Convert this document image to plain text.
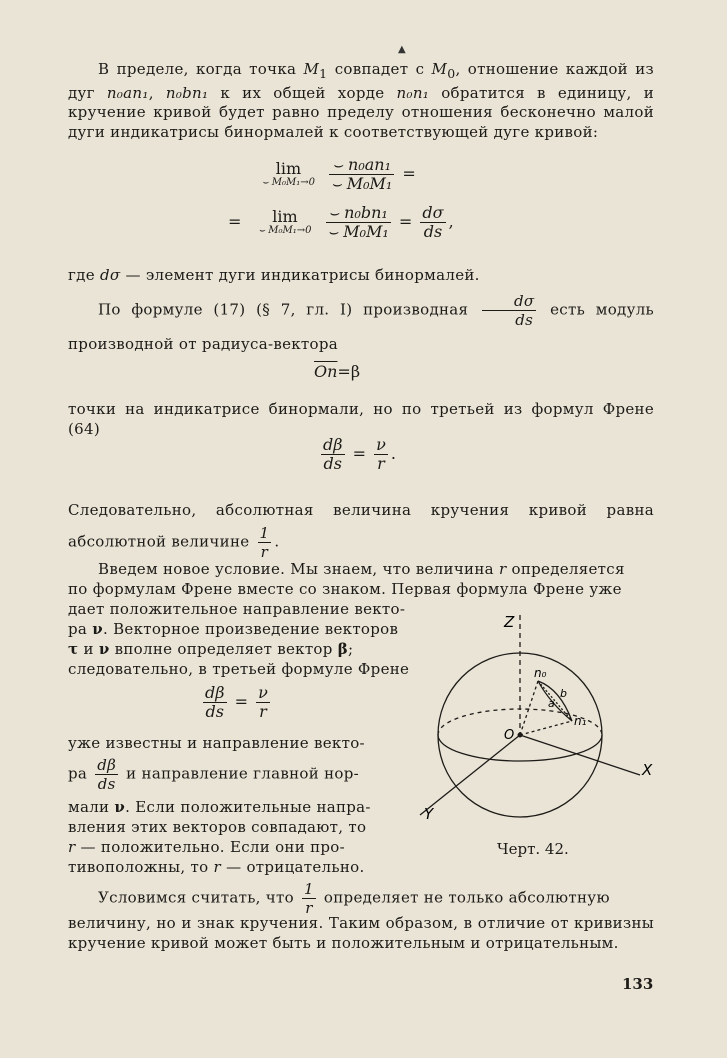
▲

В пределе, когда точка $M_1$ совпадет с $M_0$, отношение каждой из дуг n₀an₁, n₀bn₁ к их общей хорде n₀n₁ обратится в единицу, и кручение кривой будет равно пределу отношения бесконечно малой дуги индикатрисы бинормалей к соответствующей дуге кривой:

lim
⌣ M₀M₁→0
$\frac{\text{⌣ n₀an₁}}{\text{⌣ M₀M₁}}$ =
=	lim
⌣ M₀M₁→0
$\frac{\text{⌣ n₀bn₁}}{\text{⌣ M₀M₁}} = \frac{d\sigma}{ds}$ ,

где dσ — элемент дуги индикатрисы бинормалей.

По формуле (17) (§ 7, гл. I) производная $\frac{d\sigma}{ds}$ есть модуль производной от радиуса-вектора

$\overline{On}=\beta$

точки на индикатрисе бинормали, но по третьей из формул Френе (64)

$\frac{d\beta}{ds} = \frac{\nu}{r}$ .

Следовательно, абсолютная величина кручения кривой равна абсолютной величине $\frac{1}{r}$ .

Введем новое условие. Мы знаем, что величина r определяется
по формулам Френе вместе со знаком. Первая формула Френе уже
дает положительное направление векто-
ра ν. Векторное произведение векторов
τ и ν вполне определяет вектор β;
следовательно, в третьей формуле Френе
$\frac{d\beta}{ds} = \frac{\nu}{r}$
уже известны и направление векто-
ра $\frac{d\beta}{ds}$ и направление главной нор-
мали ν. Если положительные напра-
вления этих векторов совпадают, то
r — положительно. Если они про-
тивоположны, то r — отрицательно.
Z
X
Y
O
n₀
n₁
b
a
Черт. 42.
Условимся считать, что $\frac{1}{r}$ определяет не только абсолютную

величину, но и знак кручения. Таким образом, в отличие от кривизны кручение кривой может быть и положительным и отрицательным.

133
